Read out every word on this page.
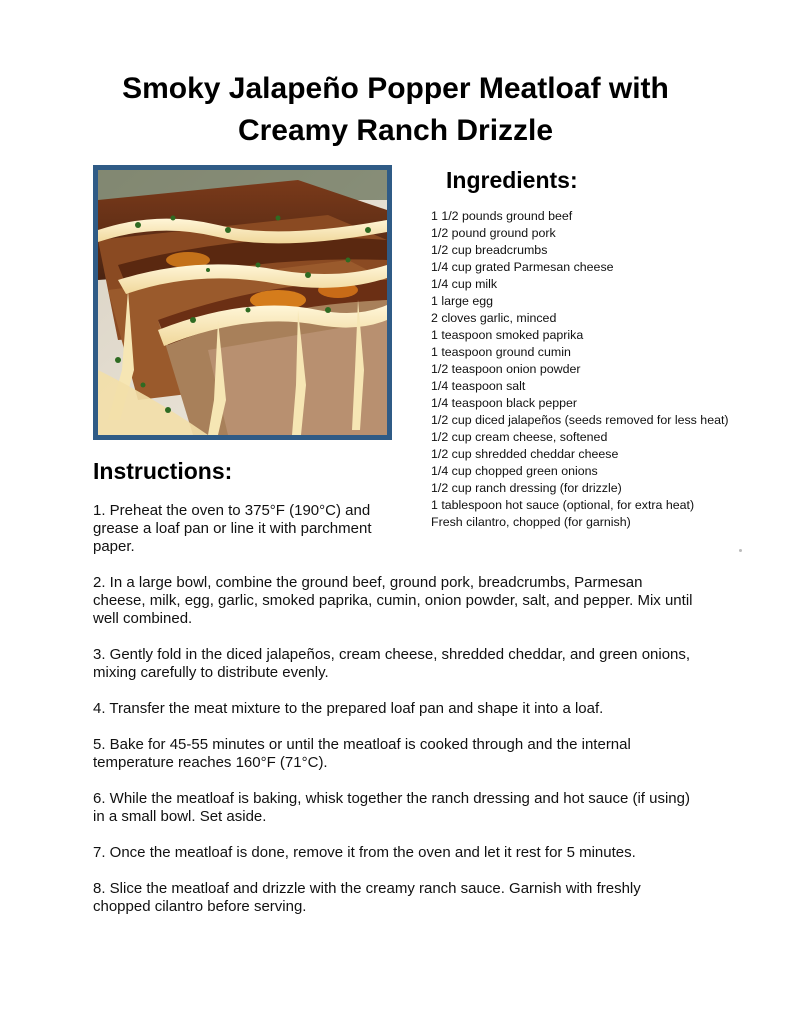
Smoky Jalapeño Popper Meatloaf with
Creamy Ranch Drizzle
Ingredients:
1 1/2 pounds ground beef
1/2 pound ground pork
1/2 cup breadcrumbs
1/4 cup grated Parmesan cheese
1/4 cup milk
1 large egg
2 cloves garlic, minced
1 teaspoon smoked paprika
1 teaspoon ground cumin
1/2 teaspoon onion powder
1/4 teaspoon salt
1/4 teaspoon black pepper
1/2 cup diced jalapeños (seeds removed for less heat)
1/2 cup cream cheese, softened
1/2 cup shredded cheddar cheese
1/4 cup chopped green onions
1/2 cup ranch dressing (for drizzle)
1 tablespoon hot sauce (optional, for extra heat)
Fresh cilantro, chopped (for garnish)
Instructions:

1. Preheat the oven to 375°F (190°C) and grease a loaf pan or line it with parchment paper.

2. In a large bowl, combine the ground beef, ground pork, breadcrumbs, Parmesan cheese, milk, egg, garlic, smoked paprika, cumin, onion powder, salt, and pepper. Mix until well combined.

3. Gently fold in the diced jalapeños, cream cheese, shredded cheddar, and green onions, mixing carefully to distribute evenly.

4. Transfer the meat mixture to the prepared loaf pan and shape it into a loaf.

5. Bake for 45-55 minutes or until the meatloaf is cooked through and the internal temperature reaches 160°F (71°C).

6. While the meatloaf is baking, whisk together the ranch dressing and hot sauce (if using) in a small bowl. Set aside.

7. Once the meatloaf is done, remove it from the oven and let it rest for 5 minutes.

8. Slice the meatloaf and drizzle with the creamy ranch sauce. Garnish with freshly chopped cilantro before serving.
